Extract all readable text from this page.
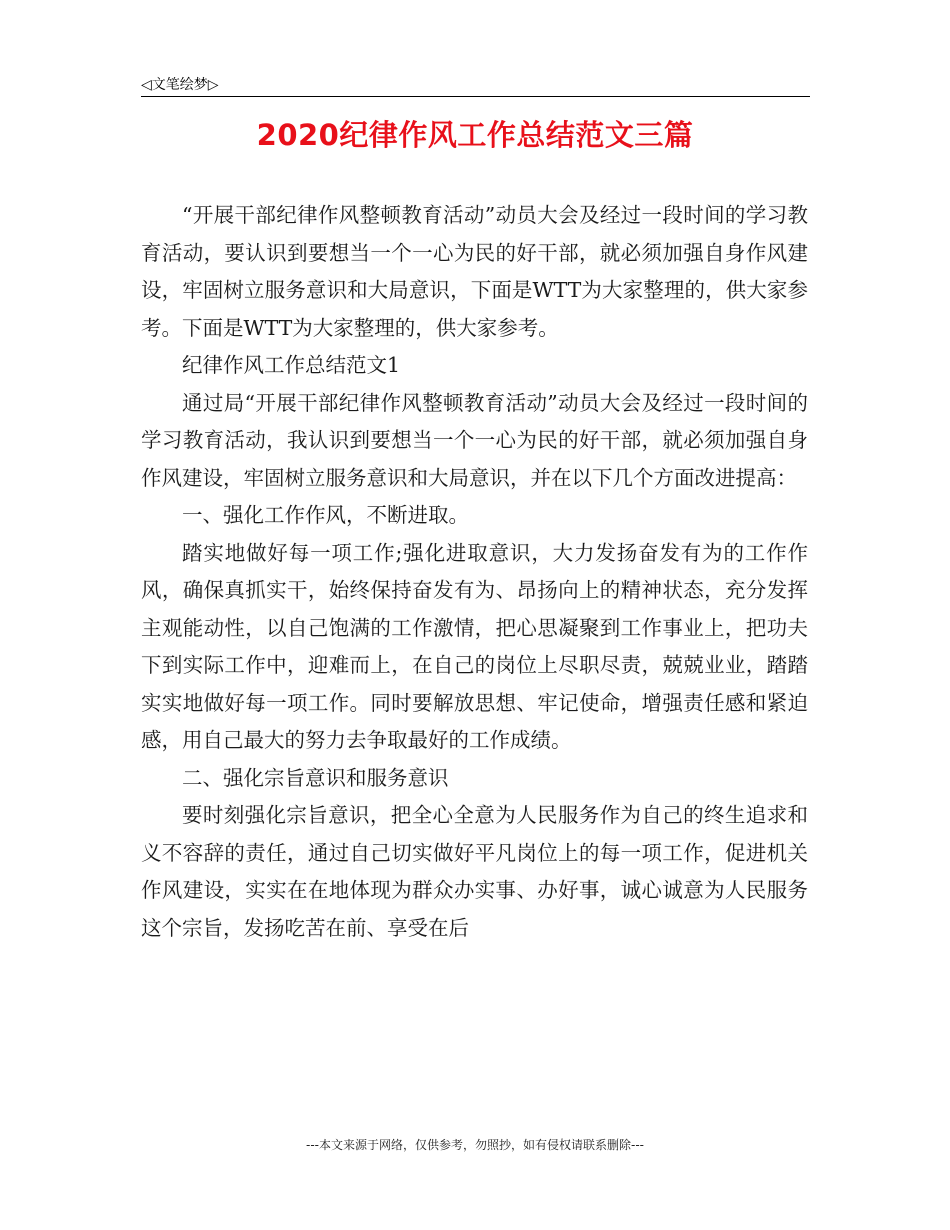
◁文笔绘梦▷
2020纪律作风工作总结范文三篇

“开展干部纪律作风整顿教育活动”动员大会及经过一段时间的学习教育活动，要认识到要想当一个一心为民的好干部，就必须加强自身作风建设，牢固树立服务意识和大局意识，下面是WTT为大家整理的，供大家参考。下面是WTT为大家整理的，供大家参考。

纪律作风工作总结范文1

通过局“开展干部纪律作风整顿教育活动”动员大会及经过一段时间的学习教育活动，我认识到要想当一个一心为民的好干部，就必须加强自身作风建设，牢固树立服务意识和大局意识，并在以下几个方面改进提高：

一、强化工作作风，不断进取。

踏实地做好每一项工作;强化进取意识，大力发扬奋发有为的工作作风，确保真抓实干，始终保持奋发有为、昂扬向上的精神状态，充分发挥主观能动性，以自己饱满的工作激情，把心思凝聚到工作事业上，把功夫下到实际工作中，迎难而上，在自己的岗位上尽职尽责，兢兢业业，踏踏实实地做好每一项工作。同时要解放思想、牢记使命，增强责任感和紧迫感，用自己最大的努力去争取最好的工作成绩。

二、强化宗旨意识和服务意识

要时刻强化宗旨意识，把全心全意为人民服务作为自己的终生追求和义不容辞的责任，通过自己切实做好平凡岗位上的每一项工作，促进机关作风建设，实实在在地体现为群众办实事、办好事，诚心诚意为人民服务这个宗旨，发扬吃苦在前、享受在后

---本文来源于网络，仅供参考，勿照抄，如有侵权请联系删除---
